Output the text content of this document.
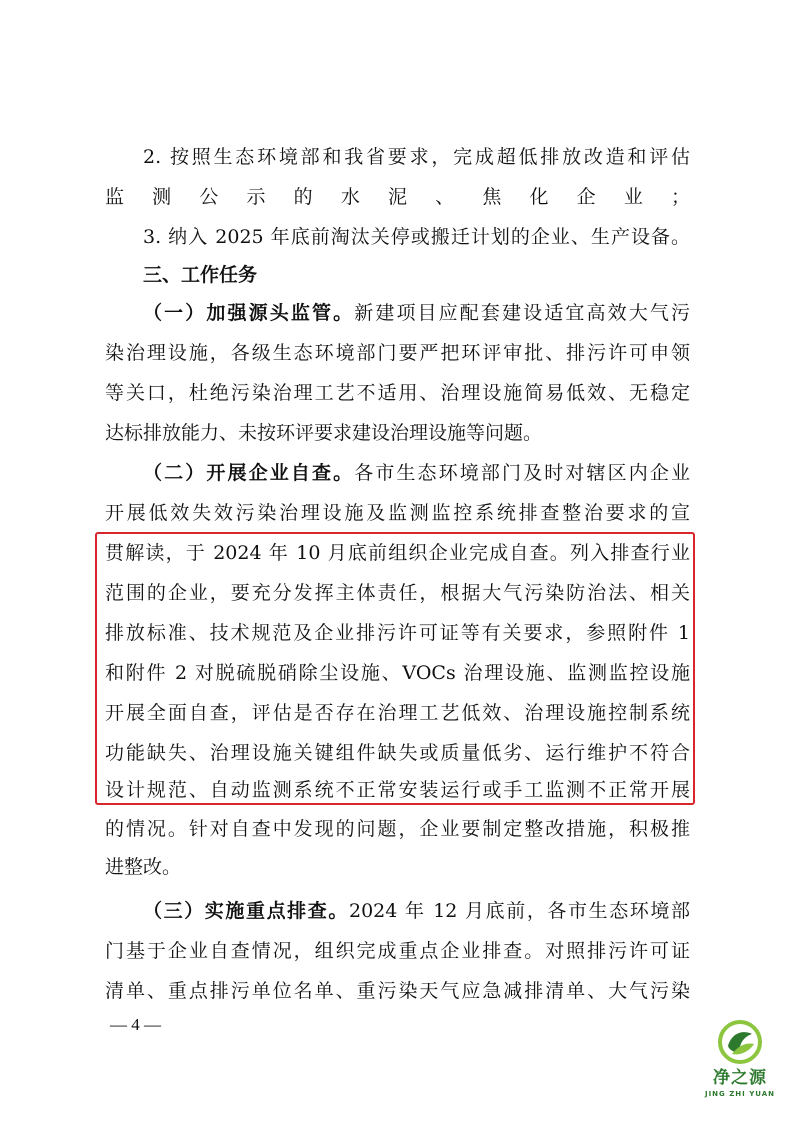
2. 按照生态环境部和我省要求，完成超低排放改造和评估
监测公示的水泥、焦化企业；
3. 纳入 2025 年底前淘汰关停或搬迁计划的企业、生产设备。
三、工作任务
（一）加强源头监管。新建项目应配套建设适宜高效大气污
染治理设施，各级生态环境部门要严把环评审批、排污许可申领
等关口，杜绝污染治理工艺不适用、治理设施简易低效、无稳定
达标排放能力、未按环评要求建设治理设施等问题。
（二）开展企业自查。各市生态环境部门及时对辖区内企业
开展低效失效污染治理设施及监测监控系统排查整治要求的宣
贯解读，于 2024 年 10 月底前组织企业完成自查。列入排查行业
范围的企业，要充分发挥主体责任，根据大气污染防治法、相关
排放标准、技术规范及企业排污许可证等有关要求，参照附件 1
和附件 2 对脱硫脱硝除尘设施、VOCs 治理设施、监测监控设施
开展全面自查，评估是否存在治理工艺低效、治理设施控制系统
功能缺失、治理设施关键组件缺失或质量低劣、运行维护不符合
设计规范、自动监测系统不正常安装运行或手工监测不正常开展
的情况。针对自查中发现的问题，企业要制定整改措施，积极推
进整改。
（三）实施重点排查。2024 年 12 月底前，各市生态环境部
门基于企业自查情况，组织完成重点企业排查。对照排污许可证
清单、重点排污单位名单、重污染天气应急减排清单、大气污染
— 4 —
净之源
JING ZHI YUAN
